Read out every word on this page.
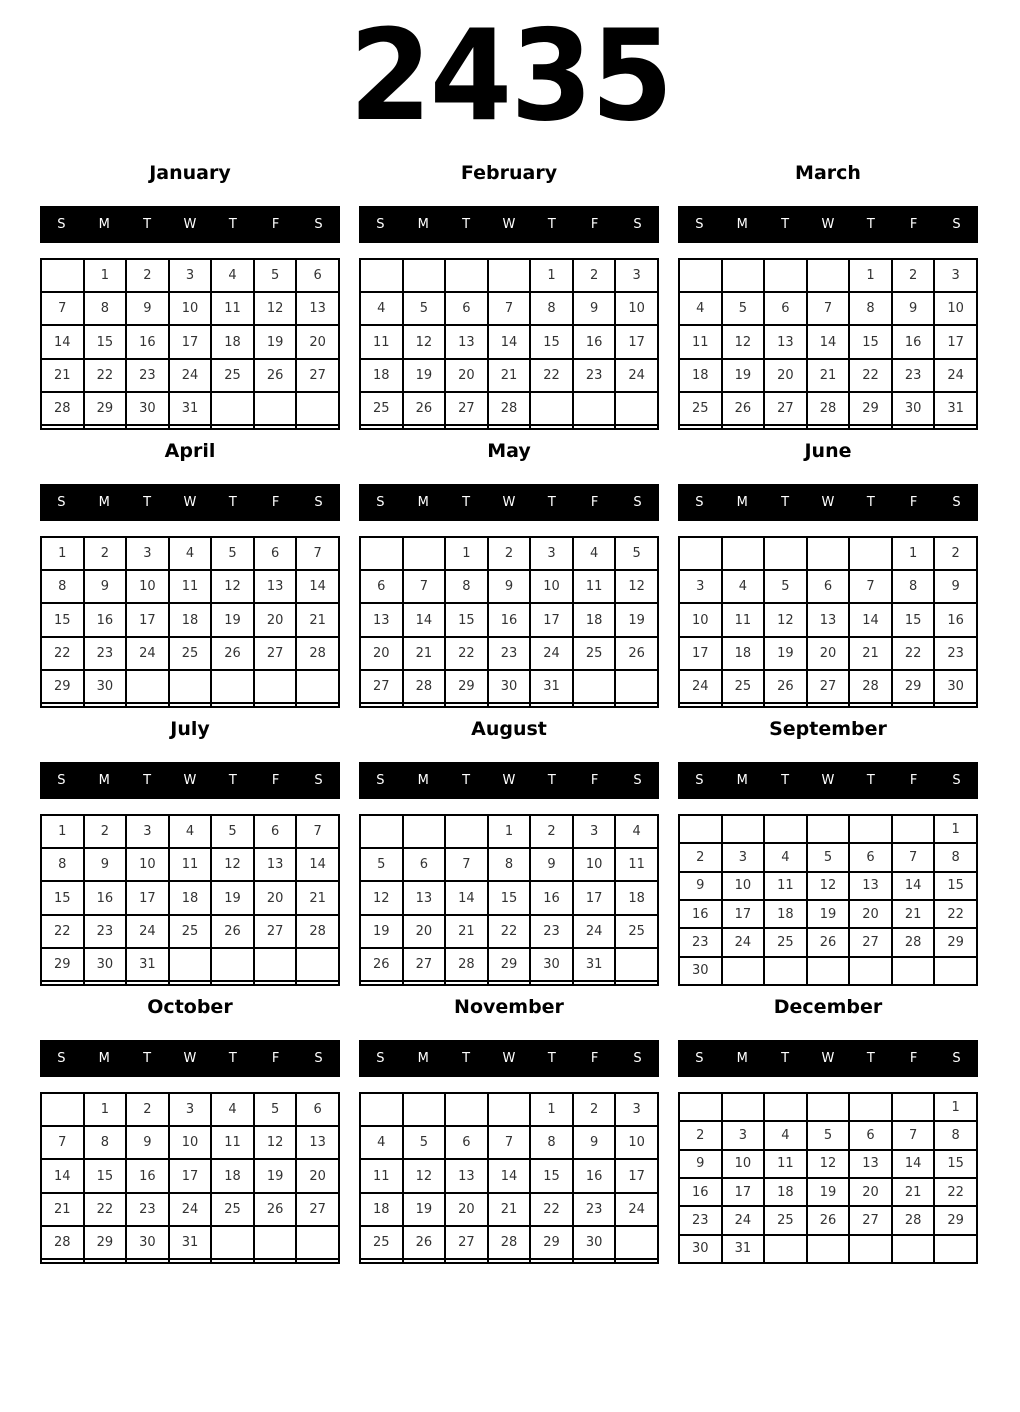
2435
January
S	M	T	W	T	F	S
	1	2	3	4	5	6
7	8	9	10	11	12	13
14	15	16	17	18	19	20
21	22	23	24	25	26	27
28	29	30	31			

February
S	M	T	W	T	F	S
				1	2	3
4	5	6	7	8	9	10
11	12	13	14	15	16	17
18	19	20	21	22	23	24
25	26	27	28			

March
S	M	T	W	T	F	S
				1	2	3
4	5	6	7	8	9	10
11	12	13	14	15	16	17
18	19	20	21	22	23	24
25	26	27	28	29	30	31

April
S	M	T	W	T	F	S
1	2	3	4	5	6	7
8	9	10	11	12	13	14
15	16	17	18	19	20	21
22	23	24	25	26	27	28
29	30					

May
S	M	T	W	T	F	S
		1	2	3	4	5
6	7	8	9	10	11	12
13	14	15	16	17	18	19
20	21	22	23	24	25	26
27	28	29	30	31		

June
S	M	T	W	T	F	S
					1	2
3	4	5	6	7	8	9
10	11	12	13	14	15	16
17	18	19	20	21	22	23
24	25	26	27	28	29	30

July
S	M	T	W	T	F	S
1	2	3	4	5	6	7
8	9	10	11	12	13	14
15	16	17	18	19	20	21
22	23	24	25	26	27	28
29	30	31				

August
S	M	T	W	T	F	S
			1	2	3	4
5	6	7	8	9	10	11
12	13	14	15	16	17	18
19	20	21	22	23	24	25
26	27	28	29	30	31	

September
S	M	T	W	T	F	S
						1
2	3	4	5	6	7	8
9	10	11	12	13	14	15
16	17	18	19	20	21	22
23	24	25	26	27	28	29
30						
October
S	M	T	W	T	F	S
	1	2	3	4	5	6
7	8	9	10	11	12	13
14	15	16	17	18	19	20
21	22	23	24	25	26	27
28	29	30	31			

November
S	M	T	W	T	F	S
				1	2	3
4	5	6	7	8	9	10
11	12	13	14	15	16	17
18	19	20	21	22	23	24
25	26	27	28	29	30	

December
S	M	T	W	T	F	S
						1
2	3	4	5	6	7	8
9	10	11	12	13	14	15
16	17	18	19	20	21	22
23	24	25	26	27	28	29
30	31					
